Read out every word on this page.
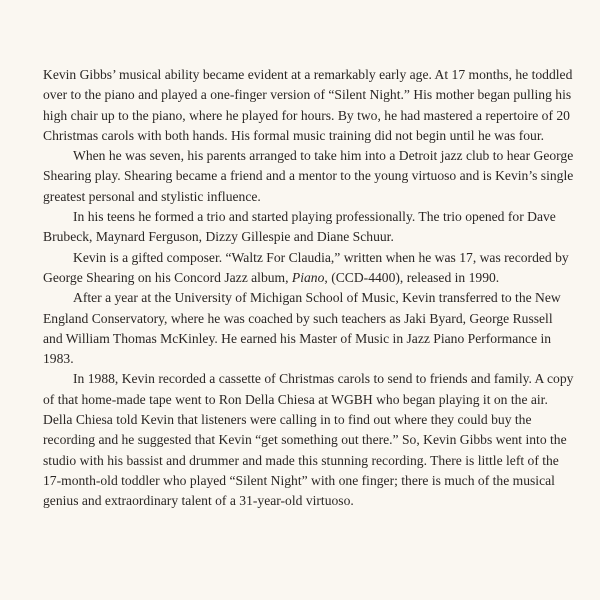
Kevin Gibbs’ musical ability became evident at a remarkably early age. At 17 months, he toddled over to the piano and played a one-finger version of “Silent Night.” His mother began pulling his high chair up to the piano, where he played for hours. By two, he had mastered a repertoire of 20 Christmas carols with both hands. His formal music training did not begin until he was four.

When he was seven, his parents arranged to take him into a Detroit jazz club to hear George Shearing play. Shearing became a friend and a mentor to the young virtuoso and is Kevin’s single greatest personal and stylistic influence.

In his teens he formed a trio and started playing professionally. The trio opened for Dave Brubeck, Maynard Ferguson, Dizzy Gillespie and Diane Schuur.

Kevin is a gifted composer. “Waltz For Claudia,” written when he was 17, was recorded by George Shearing on his Concord Jazz album, Piano, (CCD-4400), released in 1990.

After a year at the University of Michigan School of Music, Kevin transferred to the New England Conservatory, where he was coached by such teachers as Jaki Byard, George Russell and William Thomas McKinley. He earned his Master of Music in Jazz Piano Performance in 1983.

In 1988, Kevin recorded a cassette of Christmas carols to send to friends and family. A copy of that home-made tape went to Ron Della Chiesa at WGBH who began playing it on the air. Della Chiesa told Kevin that listeners were calling in to find out where they could buy the recording and he suggested that Kevin “get something out there.” So, Kevin Gibbs went into the studio with his bassist and drummer and made this stunning recording. There is little left of the 17-month-old toddler who played “Silent Night” with one finger; there is much of the musical genius and extraordinary talent of a 31-year-old virtuoso.
